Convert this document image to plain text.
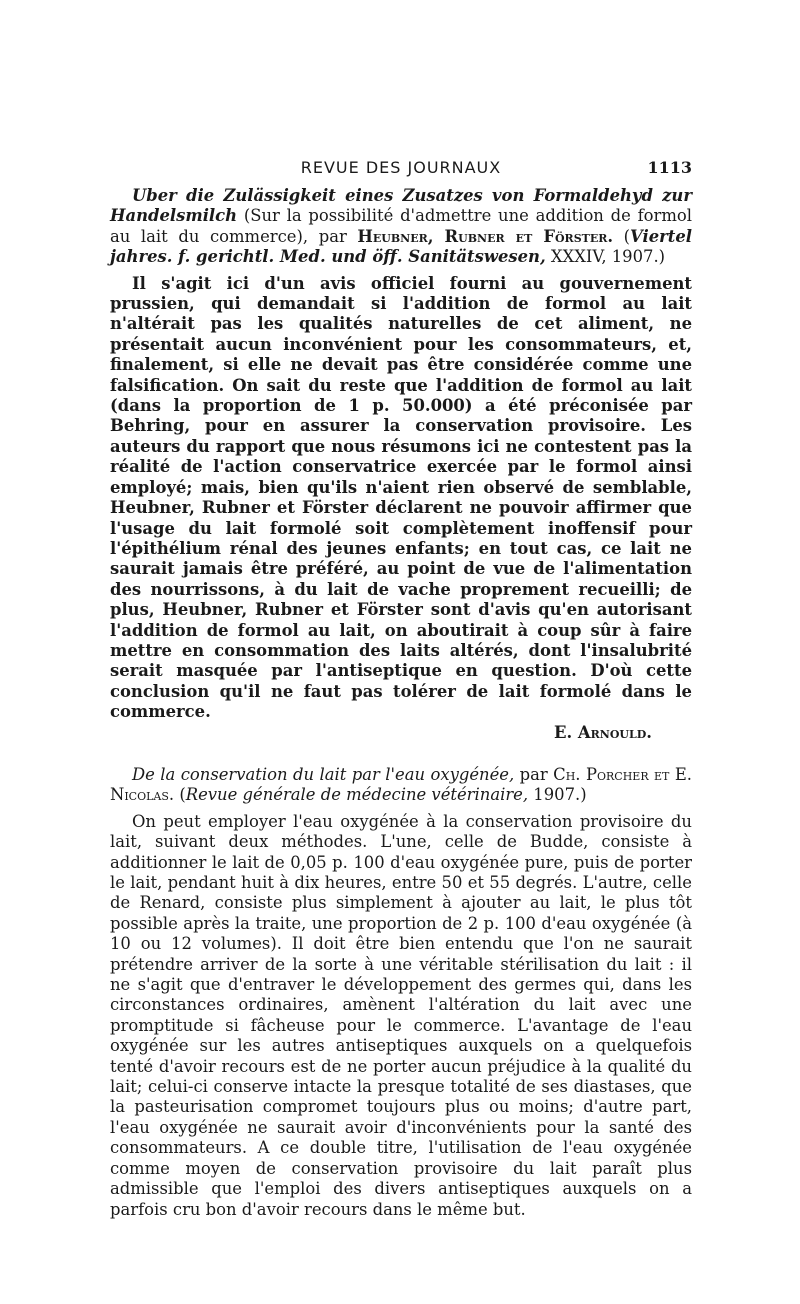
REVUE DES JOURNAUX	1113

Uber die Zulässigkeit eines Zusatzes von Formaldehyd zur Handelsmilch (Sur la possibilité d'admettre une addition de formol au lait du commerce), par Heubner, Rubner et Förster. (Viertel jahres. f. gerichtl. Med. und öff. Sanitätswesen, XXXIV, 1907.)

Il s'agit ici d'un avis officiel fourni au gouvernement prussien, qui demandait si l'addition de formol au lait n'altérait pas les qualités naturelles de cet aliment, ne présentait aucun inconvénient pour les consommateurs, et, finalement, si elle ne devait pas être considérée comme une falsification. On sait du reste que l'addition de formol au lait (dans la proportion de 1 p. 50.000) a été préconisée par Behring, pour en assurer la conservation provisoire. Les auteurs du rapport que nous résumons ici ne contestent pas la réalité de l'action conservatrice exercée par le formol ainsi employé; mais, bien qu'ils n'aient rien observé de semblable, Heubner, Rubner et Förster déclarent ne pouvoir affirmer que l'usage du lait formolé soit complètement inoffensif pour l'épithélium rénal des jeunes enfants; en tout cas, ce lait ne saurait jamais être préféré, au point de vue de l'alimentation des nourrissons, à du lait de vache proprement recueilli; de plus, Heubner, Rubner et Förster sont d'avis qu'en autorisant l'addition de formol au lait, on aboutirait à coup sûr à faire mettre en consommation des laits altérés, dont l'insalubrité serait masquée par l'antiseptique en question. D'où cette conclusion qu'il ne faut pas tolérer de lait formolé dans le commerce.

E. Arnould.

De la conservation du lait par l'eau oxygénée, par Ch. Porcher et E. Nicolas. (Revue générale de médecine vétérinaire, 1907.)

On peut employer l'eau oxygénée à la conservation provisoire du lait, suivant deux méthodes. L'une, celle de Budde, consiste à additionner le lait de 0,05 p. 100 d'eau oxygénée pure, puis de porter le lait, pendant huit à dix heures, entre 50 et 55 degrés. L'autre, celle de Renard, consiste plus simplement à ajouter au lait, le plus tôt possible après la traite, une proportion de 2 p. 100 d'eau oxygénée (à 10 ou 12 volumes). Il doit être bien entendu que l'on ne saurait prétendre arriver de la sorte à une véritable stérilisation du lait : il ne s'agit que d'entraver le développement des germes qui, dans les circonstances ordinaires, amènent l'altération du lait avec une promptitude si fâcheuse pour le commerce. L'avantage de l'eau oxygénée sur les autres antiseptiques auxquels on a quelquefois tenté d'avoir recours est de ne porter aucun préjudice à la qualité du lait; celui-ci conserve intacte la presque totalité de ses diastases, que la pasteurisation compromet toujours plus ou moins; d'autre part, l'eau oxygénée ne saurait avoir d'inconvénients pour la santé des consommateurs. A ce double titre, l'utilisation de l'eau oxygénée comme moyen de conservation provisoire du lait paraît plus admissible que l'emploi des divers antiseptiques auxquels on a parfois cru bon d'avoir recours dans le même but.
